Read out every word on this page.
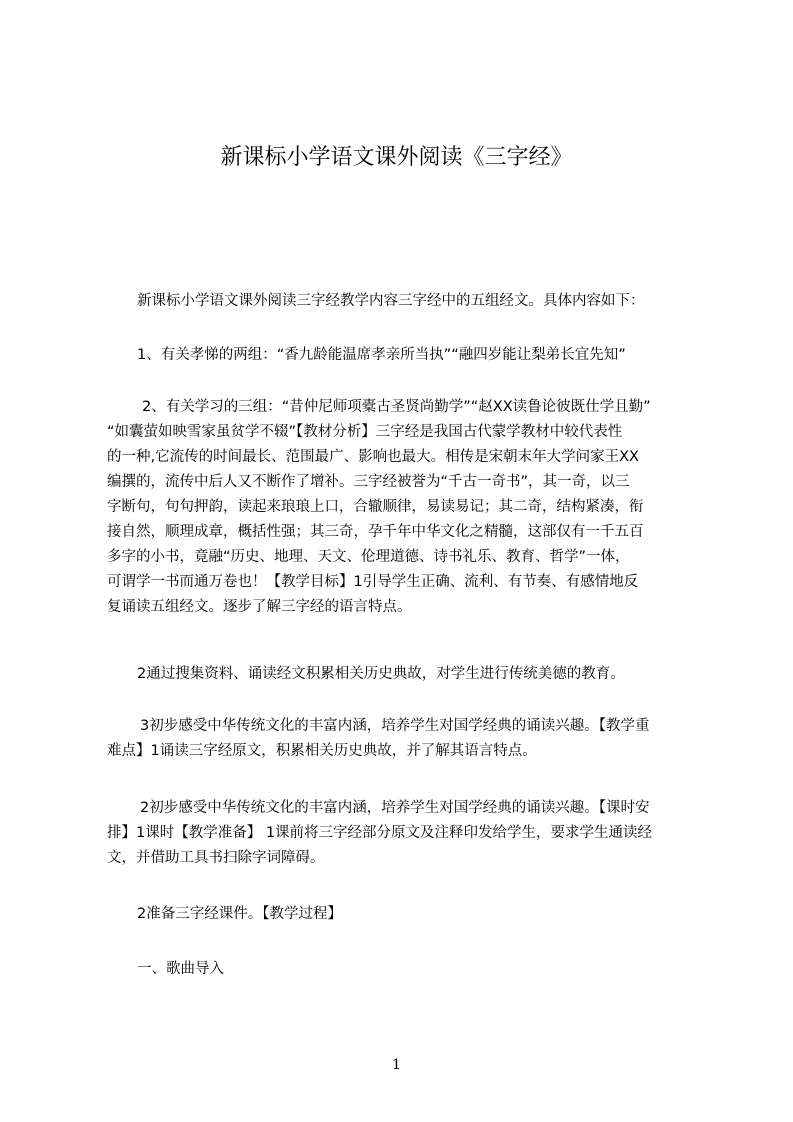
新课标小学语文课外阅读《三字经》

新课标小学语文课外阅读三字经教学内容三字经中的五组经文。具体内容如下：

1、有关孝悌的两组：“香九龄能温席孝亲所当执”“融四岁能让梨弟长宜先知”

2、有关学习的三组：“昔仲尼师项橐古圣贤尚勤学”“赵XX读鲁论彼既仕学且勤”
“如囊萤如映雪家虽贫学不辍”【教材分析】三字经是我国古代蒙学教材中较代表性
的一种,它流传的时间最长、范围最广、影响也最大。相传是宋朝末年大学问家王XX
编撰的，流传中后人又不断作了增补。三字经被誉为“千古一奇书”，其一奇，以三
字断句，句句押韵，读起来琅琅上口，合辙顺律，易读易记；其二奇，结构紧凑，衔
接自然，顺理成章，概括性强；其三奇，孕千年中华文化之精髓，这部仅有一千五百
多字的小书，竟融“历史、地理、天文、伦理道德、诗书礼乐、教育、哲学”一体，
可谓学一书而通万卷也！【教学目标】1引导学生正确、流利、有节奏、有感情地反
复诵读五组经文。逐步了解三字经的语言特点。

2通过搜集资料、诵读经文积累相关历史典故，对学生进行传统美德的教育。

3初步感受中华传统文化的丰富内涵，培养学生对国学经典的诵读兴趣。【教学重
难点】1诵读三字经原文，积累相关历史典故，并了解其语言特点。

2初步感受中华传统文化的丰富内涵，培养学生对国学经典的诵读兴趣。【课时安
排】1课时【教学准备】 1课前将三字经部分原文及注释印发给学生，要求学生通读经
文，并借助工具书扫除字词障碍。

2准备三字经课件。【教学过程】

一、歌曲导入

1
